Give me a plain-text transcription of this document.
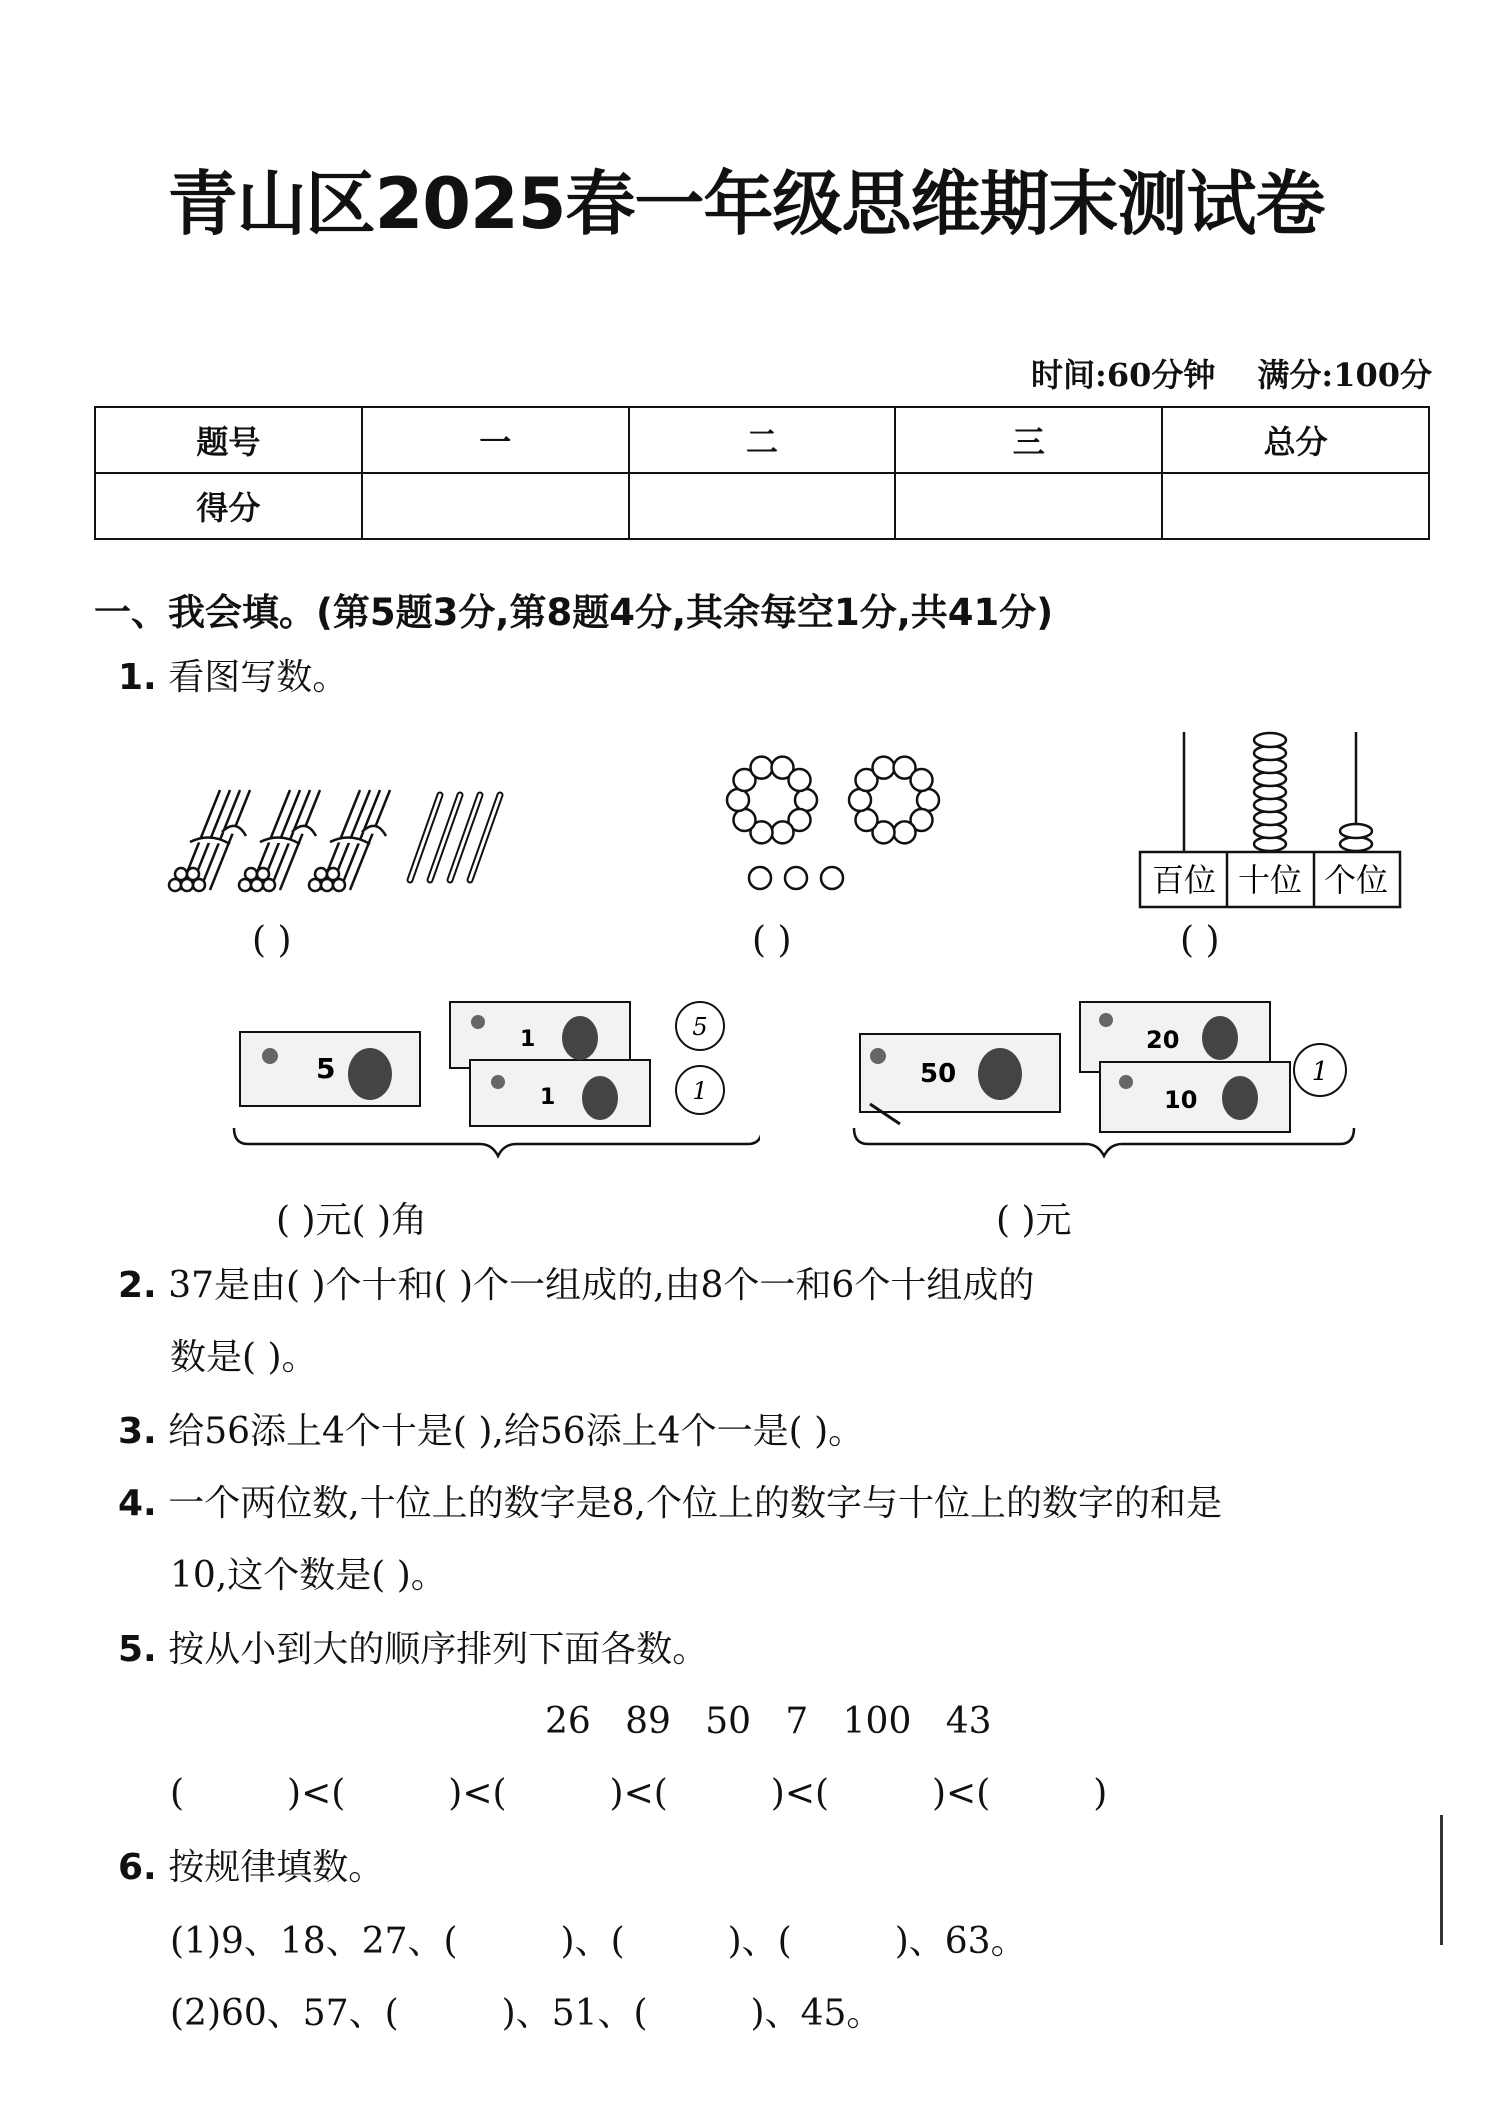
青山区2025春一年级思维期末测试卷
时间:60分钟 满分:100分
题号	一	二	三	总分
得分				
一、我会填。(第5题3分,第8题4分,其余每空1分,共41分)
1. 看图写数。
百位 十位 个位
( )	( )	( )
5
1
1
5
1
50
20
10
1
( )元( )角	( )元
2. 37是由( )个十和( )个一组成的,由8个一和6个十组成的
数是( )。
3. 给56添上4个十是( ),给56添上4个一是( )。
4. 一个两位数,十位上的数字是8,个位上的数字与十位上的数字的和是
10,这个数是( )。
5. 按从小到大的顺序排列下面各数。
26   89   50   7   100   43
(         )<(         )<(         )<(         )<(         )<(         )
6. 按规律填数。
(1)9、18、27、(         )、(         )、(         )、63。
(2)60、57、(         )、51、(         )、45。
